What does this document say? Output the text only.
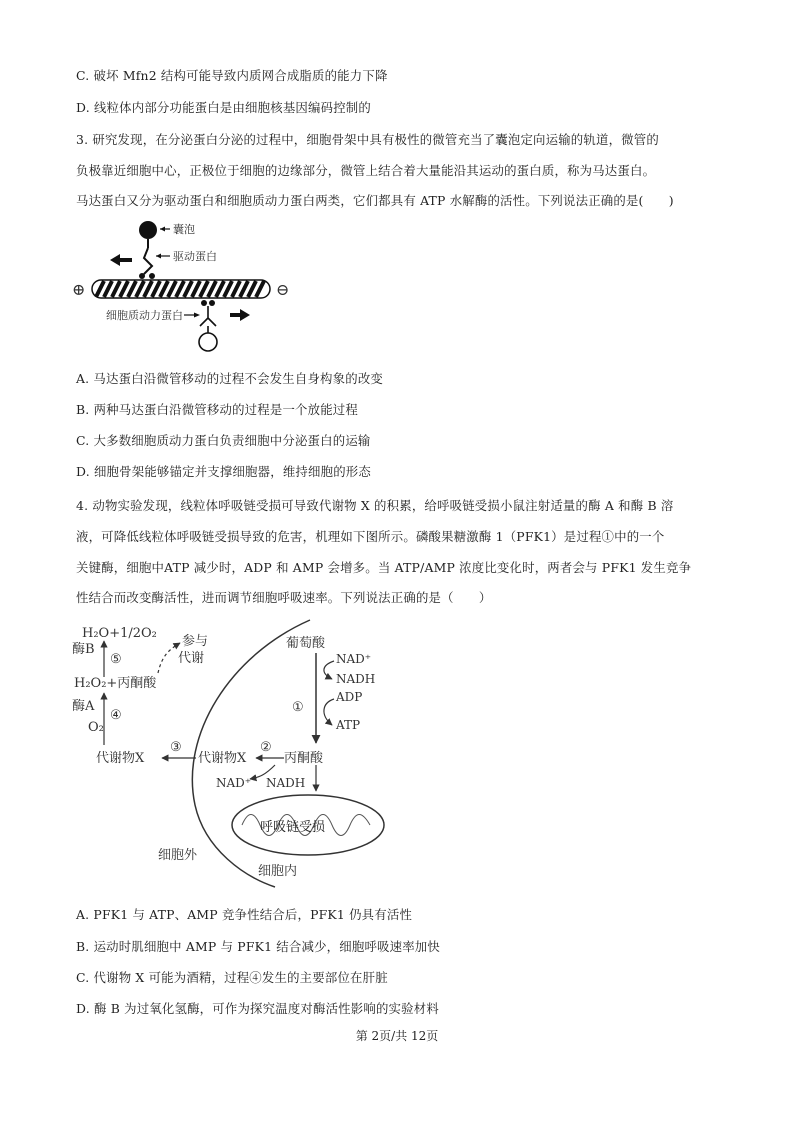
C. 破坏 Mfn2 结构可能导致内质网合成脂质的能力下降
D. 线粒体内部分功能蛋白是由细胞核基因编码控制的
3. 研究发现，在分泌蛋白分泌的过程中，细胞骨架中具有极性的微管充当了囊泡定向运输的轨道，微管的
负极靠近细胞中心，正极位于细胞的边缘部分，微管上结合着大量能沿其运动的蛋白质，称为马达蛋白。
马达蛋白又分为驱动蛋白和细胞质动力蛋白两类，它们都具有 ATP 水解酶的活性。下列说法正确的是(　　)
囊泡
驱动蛋白
⊕	⊖
细胞质动力蛋白
A. 马达蛋白沿微管移动的过程不会发生自身构象的改变
B. 两种马达蛋白沿微管移动的过程是一个放能过程
C. 大多数细胞质动力蛋白负责细胞中分泌蛋白的运输
D. 细胞骨架能够锚定并支撑细胞器，维持细胞的形态
4. 动物实验发现，线粒体呼吸链受损可导致代谢物 X 的积累，给呼吸链受损小鼠注射适量的酶 A 和酶 B 溶
液，可降低线粒体呼吸链受损导致的危害，机理如下图所示。磷酸果糖激酶 1（PFK1）是过程①中的一个
关键酶，细胞中ATP 减少时，ADP 和 AMP 会增多。当 ATP/AMP 浓度比变化时，两者会与 PFK1 发生竞争
性结合而改变酶活性，进而调节细胞呼吸速率。下列说法正确的是（　　）
H₂O+1/2O₂
参与
代谢
酶B
⑤
H₂O₂+丙酮酸
酶A
④
O₂
代谢物X
③
代谢物X
②
丙酮酸
NAD⁺ NADH
葡萄酸
①
NAD⁺
NADH
ADP
ATP
呼吸链受损
细胞外
细胞内
A. PFK1 与 ATP、AMP 竞争性结合后，PFK1 仍具有活性
B. 运动时肌细胞中 AMP 与 PFK1 结合减少，细胞呼吸速率加快
C. 代谢物 X 可能为酒精，过程④发生的主要部位在肝脏
D. 酶 B 为过氧化氢酶，可作为探究温度对酶活性影响的实验材料
第 2页/共 12页
